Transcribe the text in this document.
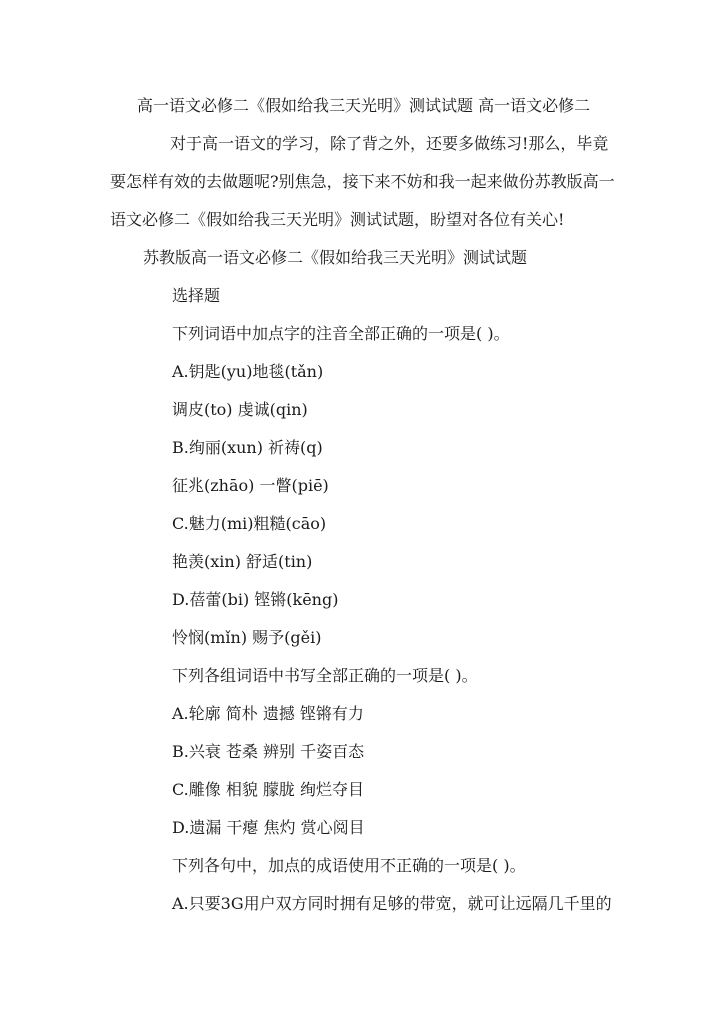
高一语文必修二《假如给我三天光明》测试试题 高一语文必修二
对于高一语文的学习，除了背之外，还要多做练习!那么，毕竟
要怎样有效的去做题呢?别焦急，接下来不妨和我一起来做份苏教版高一
语文必修二《假如给我三天光明》测试试题，盼望对各位有关心!
苏教版高一语文必修二《假如给我三天光明》测试试题
选择题
下列词语中加点字的注音全部正确的一项是( )。
A.钥匙(yu)地毯(tǎn)
调皮(to) 虔诚(qin)
B.绚丽(xun) 祈祷(q)
征兆(zhāo) 一瞥(piē)
C.魅力(mi)粗糙(cāo)
艳羡(xin) 舒适(tin)
D.蓓蕾(bi) 铿锵(kēng)
怜悯(mǐn) 赐予(gěi)
下列各组词语中书写全部正确的一项是( )。
A.轮廓 简朴 遗撼 铿锵有力
B.兴衰 苍桑 辨别 千姿百态
C.雕像 相貌 朦胧 绚烂夺目
D.遗漏 干瘪 焦灼 赏心阅目
下列各句中，加点的成语使用不正确的一项是( )。
A.只要3G用户双方同时拥有足够的带宽，就可让远隔几千里的
